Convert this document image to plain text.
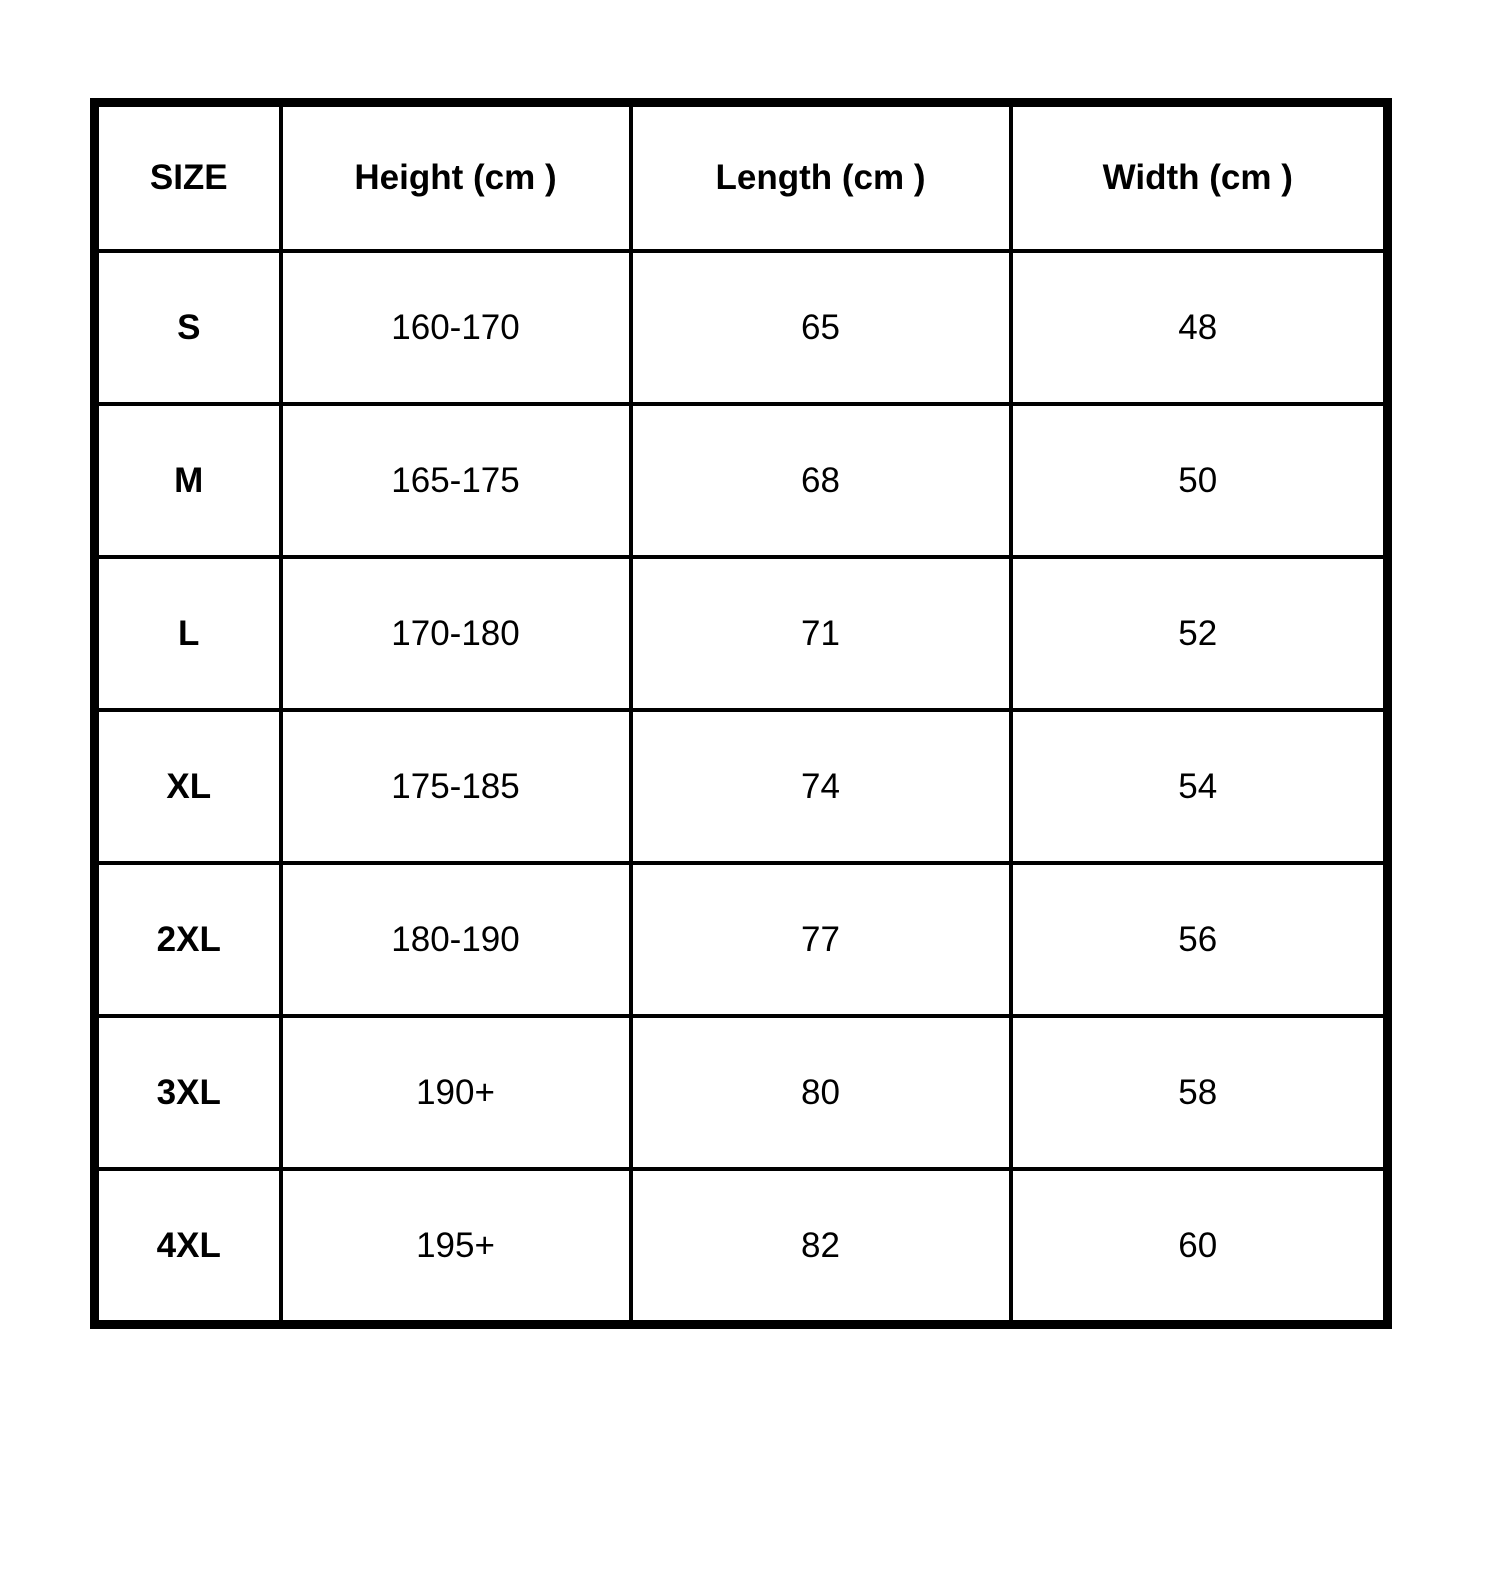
SIZE	Height (cm )	Length (cm )	Width (cm )
S	160-170	65	48
M	165-175	68	50
L	170-180	71	52
XL	175-185	74	54
2XL	180-190	77	56
3XL	190+	80	58
4XL	195+	82	60
